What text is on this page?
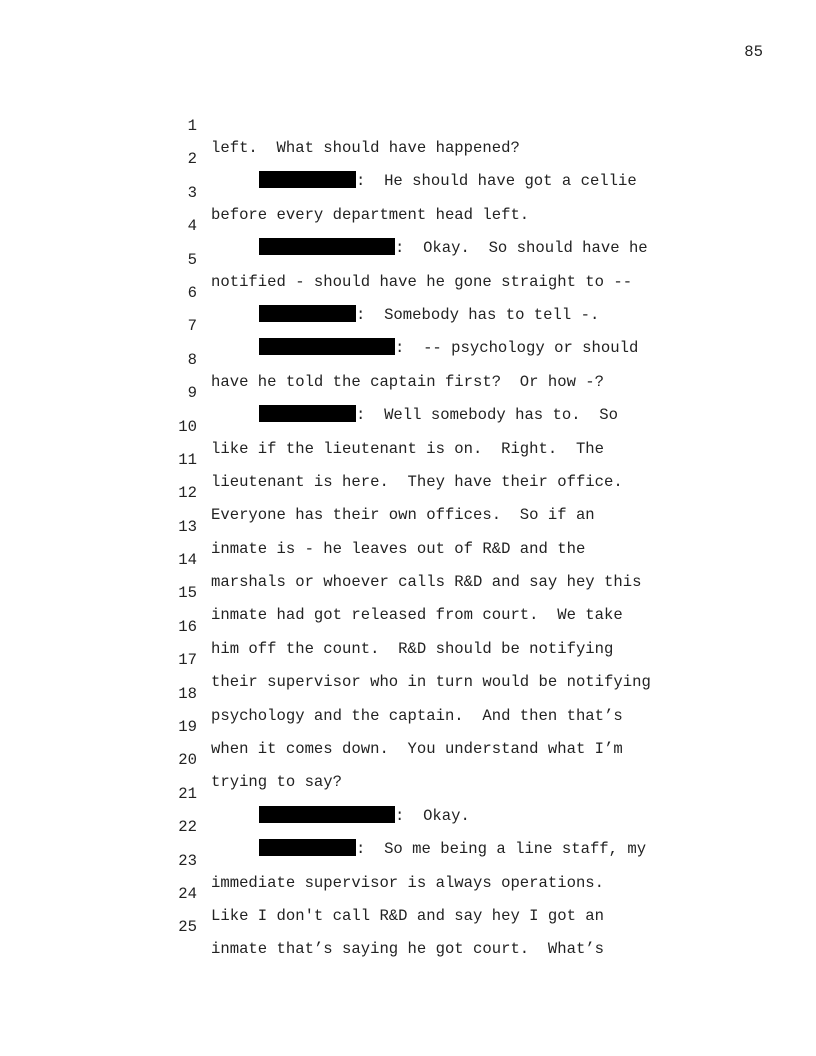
85

1

left.  What should have happened?

2

:  He should have got a cellie

3

before every department head left.

4

:  Okay.  So should have he

5

notified - should have he gone straight to --

6

:  Somebody has to tell -.

7

:  -- psychology or should

8

have he told the captain first?  Or how -?

9

:  Well somebody has to.  So

10

like if the lieutenant is on.  Right.  The

11

lieutenant is here.  They have their office.

12

Everyone has their own offices.  So if an

13

inmate is - he leaves out of R&D and the

14

marshals or whoever calls R&D and say hey this

15

inmate had got released from court.  We take

16

him off the count.  R&D should be notifying

17

their supervisor who in turn would be notifying

18

psychology and the captain.  And then that’s

19

when it comes down.  You understand what I’m

20

trying to say?

21

:  Okay.

22

:  So me being a line staff, my

23

immediate supervisor is always operations.

24

Like I don't call R&D and say hey I got an

25

inmate that’s saying he got court.  What’s
